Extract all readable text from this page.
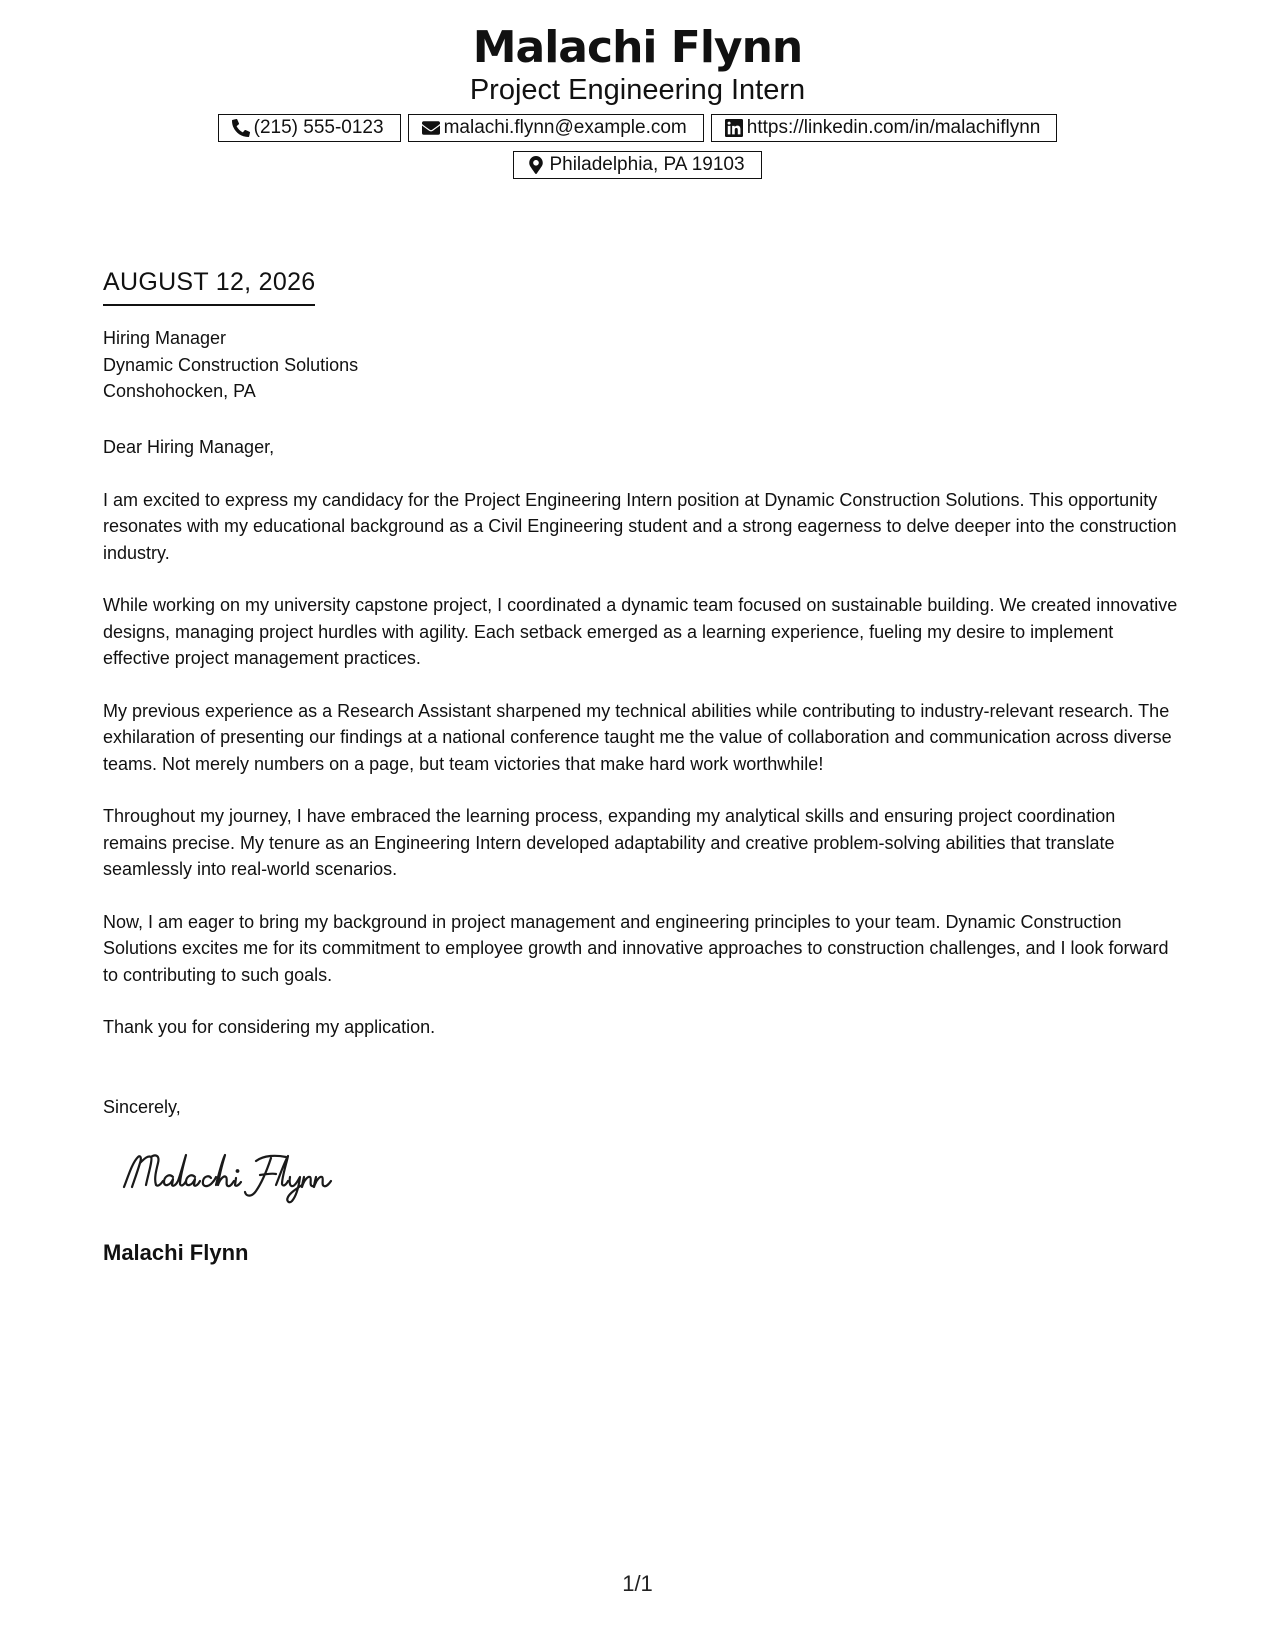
Malachi Flynn
Project Engineering Intern
(215) 555-0123	malachi.flynn@example.com	https://linkedin.com/in/malachiflynn
Philadelphia, PA 19103
AUGUST 12, 2026
Hiring Manager
Dynamic Construction Solutions
Conshohocken, PA

Dear Hiring Manager,

I am excited to express my candidacy for the Project Engineering Intern position at Dynamic Construction Solutions. This opportunity resonates with my educational background as a Civil Engineering student and a strong eagerness to delve deeper into the construction industry.

While working on my university capstone project, I coordinated a dynamic team focused on sustainable building. We created innovative designs, managing project hurdles with agility. Each setback emerged as a learning experience, fueling my desire to implement effective project management practices.

My previous experience as a Research Assistant sharpened my technical abilities while contributing to industry-relevant research. The exhilaration of presenting our findings at a national conference taught me the value of collaboration and communication across diverse teams. Not merely numbers on a page, but team victories that make hard work worthwhile!

Throughout my journey, I have embraced the learning process, expanding my analytical skills and ensuring project coordination remains precise. My tenure as an Engineering Intern developed adaptability and creative problem-solving abilities that translate seamlessly into real-world scenarios.

Now, I am eager to bring my background in project management and engineering principles to your team. Dynamic Construction Solutions excites me for its commitment to employee growth and innovative approaches to construction challenges, and I look forward to contributing to such goals.

Thank you for considering my application.

Sincerely,
Malachi Flynn
1/1
